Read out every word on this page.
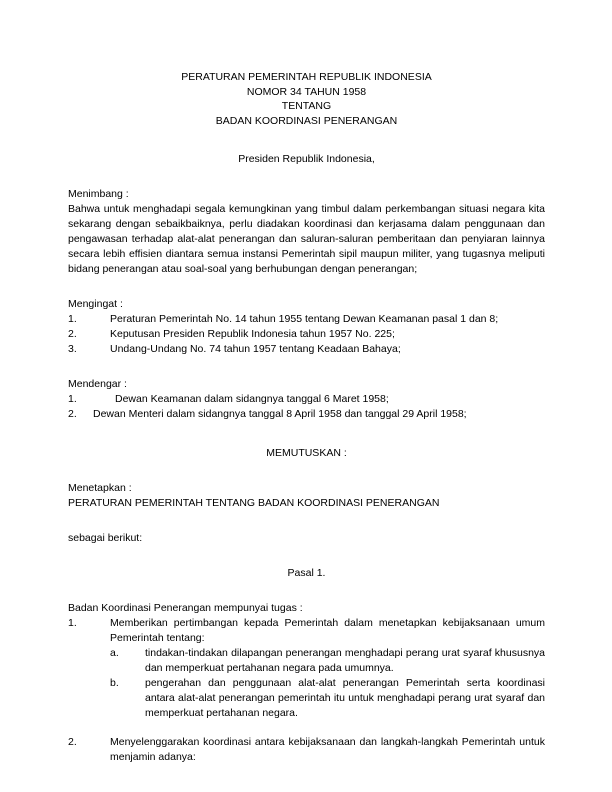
PERATURAN PEMERINTAH REPUBLIK INDONESIA
NOMOR 34 TAHUN 1958
TENTANG
BADAN KOORDINASI PENERANGAN
Presiden Republik Indonesia,
Menimbang :
Bahwa untuk menghadapi segala kemungkinan yang timbul dalam perkembangan situasi negara kita sekarang dengan sebaikbaiknya, perlu diadakan koordinasi dan kerjasama dalam penggunaan dan pengawasan terhadap alat-alat penerangan dan saluran-saluran pemberitaan dan penyiaran lainnya secara lebih effisien diantara semua instansi Pemerintah sipil maupun militer, yang tugasnya meliputi bidang penerangan atau soal-soal yang berhubungan dengan penerangan;
Mengingat :
1.	Peraturan Pemerintah No. 14 tahun 1955 tentang Dewan Keamanan pasal 1 dan 8;
2.	Keputusan Presiden Republik Indonesia tahun 1957 No. 225;
3.	Undang-Undang No. 74 tahun 1957 tentang Keadaan Bahaya;
Mendengar :
1.	Dewan Keamanan dalam sidangnya tanggal 6 Maret 1958;
2. Dewan Menteri dalam sidangnya tanggal 8 April 1958 dan tanggal 29 April 1958;
MEMUTUSKAN :
Menetapkan :
PERATURAN PEMERINTAH TENTANG BADAN KOORDINASI PENERANGAN
sebagai berikut:
Pasal 1.
Badan Koordinasi Penerangan mempunyai tugas :
1.	Memberikan pertimbangan kepada Pemerintah dalam menetapkan kebijaksanaan umum Pemerintah tentang:
a. tindakan-tindakan dilapangan penerangan menghadapi perang urat syaraf khususnya dan memperkuat pertahanan negara pada umumnya.
b. pengerahan dan penggunaan alat-alat penerangan Pemerintah serta koordinasi antara alat-alat penerangan pemerintah itu untuk menghadapi perang urat syaraf dan memperkuat pertahanan negara.
2.	Menyelenggarakan koordinasi antara kebijaksanaan dan langkah-langkah Pemerintah untuk menjamin adanya:
